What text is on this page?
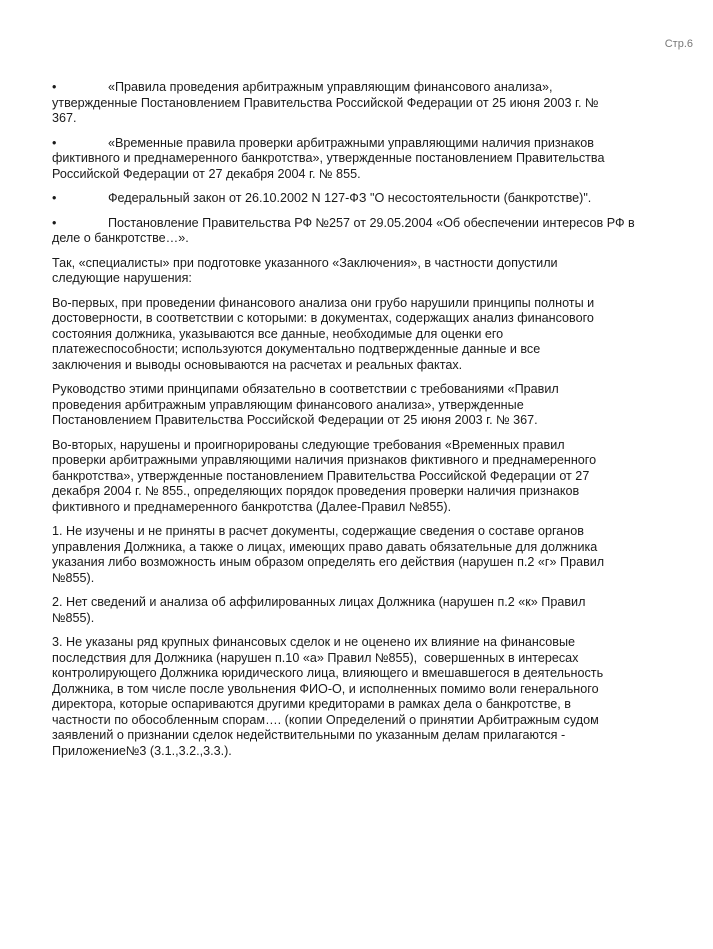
Стр.6

•		«Правила проведения арбитражным управляющим финансового анализа»,
утвержденные Постановлением Правительства Российской Федерации от 25 июня 2003 г. №
367.

•		«Временные правила проверки арбитражными управляющими наличия признаков
фиктивного и преднамеренного банкротства», утвержденные постановлением Правительства
Российской Федерации от 27 декабря 2004 г. № 855.

•		Федеральный закон от 26.10.2002 N 127-ФЗ "О несостоятельности (банкротстве)".

•		Постановление Правительства РФ №257 от 29.05.2004 «Об обеспечении интересов РФ в
деле о банкротстве…».

Так, «специалисты» при подготовке указанного «Заключения», в частности допустили
следующие нарушения:

Во-первых, при проведении финансового анализа они грубо нарушили принципы полноты и
достоверности, в соответствии с которыми: в документах, содержащих анализ финансового
состояния должника, указываются все данные, необходимые для оценки его
платежеспособности; используются документально подтвержденные данные и все
заключения и выводы основываются на расчетах и реальных фактах.

Руководство этими принципами обязательно в соответствии с требованиями «Правил
проведения арбитражным управляющим финансового анализа», утвержденные
Постановлением Правительства Российской Федерации от 25 июня 2003 г. № 367.

Во-вторых, нарушены и проигнорированы следующие требования «Временных правил
проверки арбитражными управляющими наличия признаков фиктивного и преднамеренного
банкротства», утвержденные постановлением Правительства Российской Федерации от 27
декабря 2004 г. № 855., определяющих порядок проведения проверки наличия признаков
фиктивного и преднамеренного банкротства (Далее-Правил №855).

1. Не изучены и не приняты в расчет документы, содержащие сведения о составе органов
управления Должника, а также о лицах, имеющих право давать обязательные для должника
указания либо возможность иным образом определять его действия (нарушен п.2 «г» Правил
№855).

2. Нет сведений и анализа об аффилированных лицах Должника (нарушен п.2 «к» Правил
№855).

3. Не указаны ряд крупных финансовых сделок и не оценено их влияние на финансовые
последствия для Должника (нарушен п.10 «а» Правил №855),  совершенных в интересах
контролирующего Должника юридического лица, влияющего и вмешавшегося в деятельность
Должника, в том числе после увольнения ФИО-О, и исполненных помимо воли генерального
директора, которые оспариваются другими кредиторами в рамках дела о банкротстве, в
частности по обособленным спорам…. (копии Определений о принятии Арбитражным судом
заявлений о признании сделок недействительными по указанным делам прилагаются -
Приложение№3 (3.1.,3.2.,3.3.).
